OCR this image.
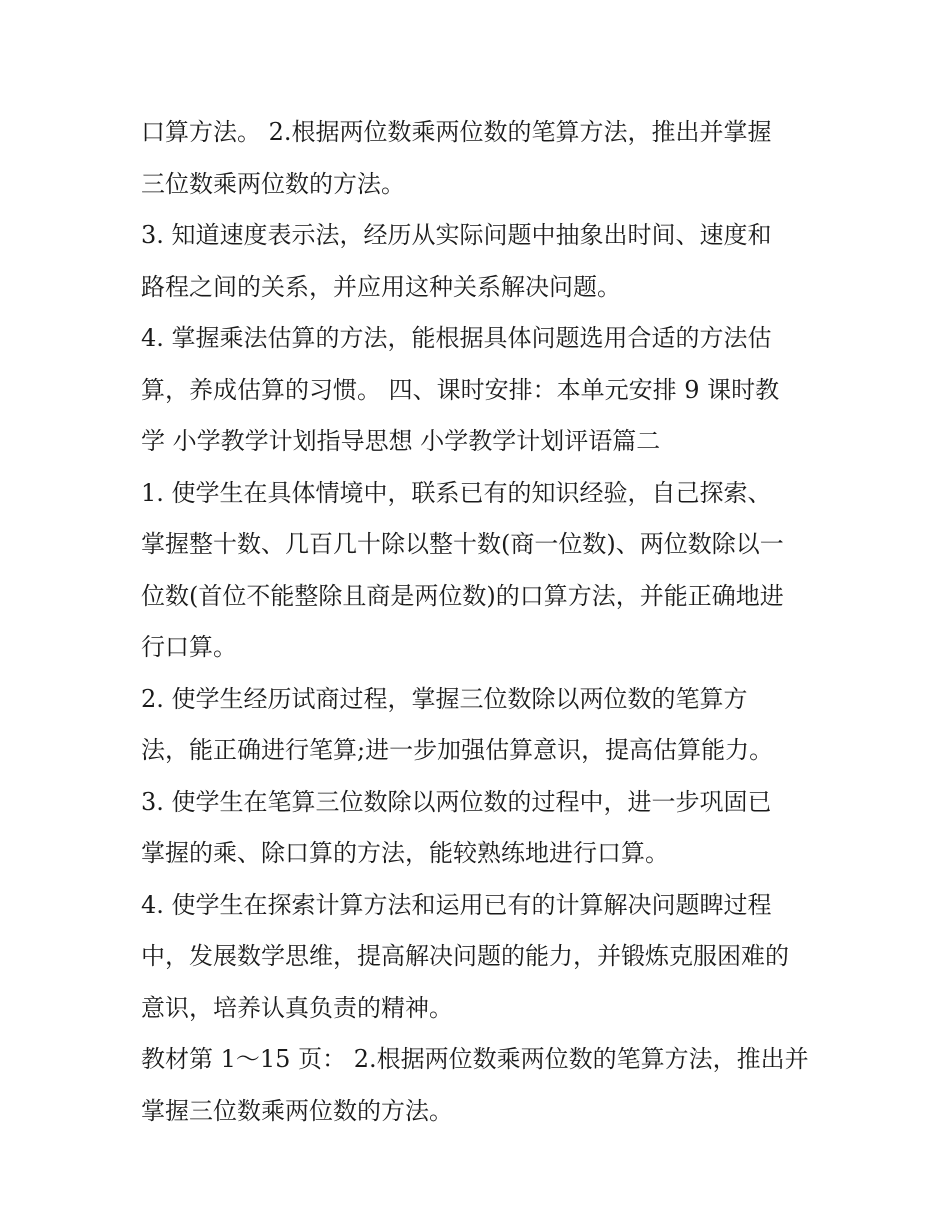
口算方法。 2.根据两位数乘两位数的笔算方法，推出并掌握
三位数乘两位数的方法。
3. 知道速度表示法，经历从实际问题中抽象出时间、速度和
路程之间的关系，并应用这种关系解决问题。
4. 掌握乘法估算的方法，能根据具体问题选用合适的方法估
算，养成估算的习惯。 四、课时安排：本单元安排 9 课时教
学 小学教学计划指导思想 小学教学计划评语篇二
1. 使学生在具体情境中，联系已有的知识经验，自己探索、
掌握整十数、几百几十除以整十数(商一位数)、两位数除以一
位数(首位不能整除且商是两位数)的口算方法，并能正确地进
行口算。
2. 使学生经历试商过程，掌握三位数除以两位数的笔算方
法，能正确进行笔算;进一步加强估算意识，提高估算能力。
3. 使学生在笔算三位数除以两位数的过程中，进一步巩固已
掌握的乘、除口算的方法，能较熟练地进行口算。
4. 使学生在探索计算方法和运用已有的计算解决问题睥过程
中，发展数学思维，提高解决问题的能力，并锻炼克服困难的
意识，培养认真负责的精神。
教材第 1～15 页： 2.根据两位数乘两位数的笔算方法，推出并
掌握三位数乘两位数的方法。
